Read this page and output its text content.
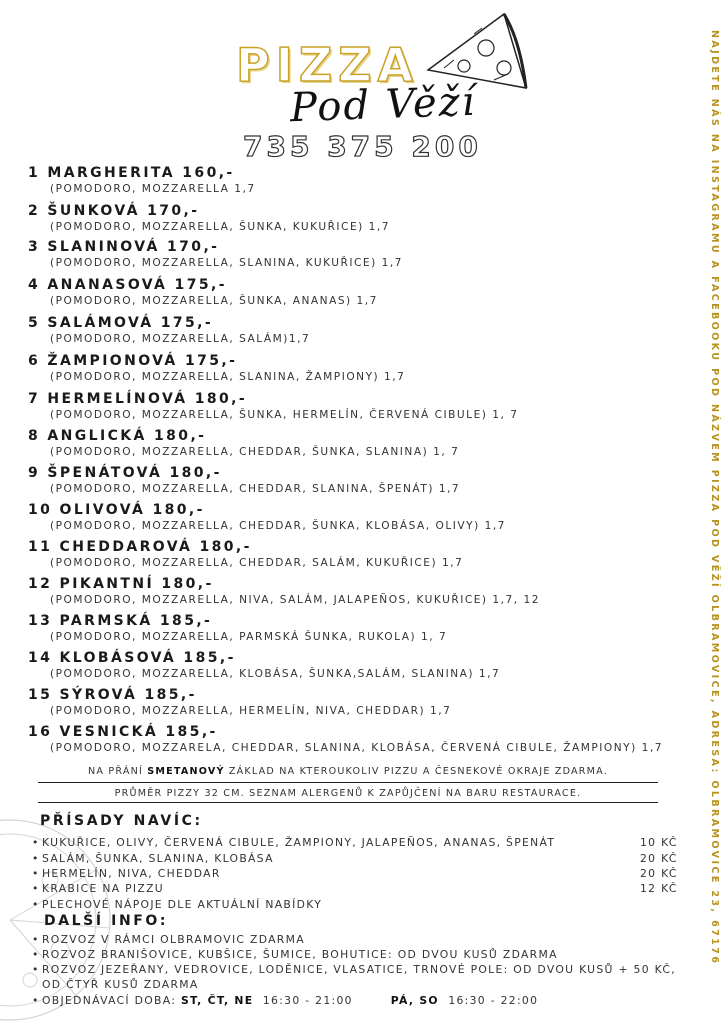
PIZZA
Pod Věží
735 375 200	NAJDETE NÁS NA INSTAGRAMU A FACEBOOKU POD NÁZVEM PIZZA POD VĚŽÍ OLBRAMOVICE, ADRESA: OLBRAMOVICE 23, 67176
1 MARGHERITA 160,-
(POMODORO, MOZZARELLA 1,7
2 ŠUNKOVÁ 170,-
(POMODORO, MOZZARELLA, ŠUNKA, KUKUŘICE) 1,7
3 SLANINOVÁ 170,-
(POMODORO, MOZZARELLA, SLANINA, KUKUŘICE) 1,7
4 ANANASOVÁ 175,-
(POMODORO, MOZZARELLA, ŠUNKA, ANANAS) 1,7
5 SALÁMOVÁ 175,-
(POMODORO, MOZZARELLA, SALÁM)1,7
6 ŽAMPIONOVÁ 175,-
(POMODORO, MOZZARELLA, SLANINA, ŽAMPIONY) 1,7
7 HERMELÍNOVÁ 180,-
(POMODORO, MOZZARELLA, ŠUNKA, HERMELÍN, ČERVENÁ CIBULE) 1, 7
8 ANGLICKÁ 180,-
(POMODORO, MOZZARELLA, CHEDDAR, ŠUNKA, SLANINA) 1, 7
9 ŠPENÁTOVÁ 180,-
(POMODORO, MOZZARELLA, CHEDDAR, SLANINA, ŠPENÁT) 1,7
10 OLIVOVÁ 180,-
(POMODORO, MOZZARELLA, CHEDDAR, ŠUNKA, KLOBÁSA, OLIVY) 1,7
11 CHEDDAROVÁ 180,-
(POMODORO, MOZZARELLA, CHEDDAR, SALÁM, KUKUŘICE) 1,7
12 PIKANTNÍ 180,-
(POMODORO, MOZZARELLA, NIVA, SALÁM, JALAPEÑOS, KUKUŘICE) 1,7, 12
13 PARMSKÁ 185,-
(POMODORO, MOZZARELLA, PARMSKÁ ŠUNKA, RUKOLA) 1, 7
14 KLOBÁSOVÁ 185,-
(POMODORO, MOZZARELLA, KLOBÁSA, ŠUNKA,SALÁM, SLANINA) 1,7
15 SÝROVÁ 185,-
(POMODORO, MOZZARELLA, HERMELÍN, NIVA, CHEDDAR) 1,7
16 VESNICKÁ 185,-
(POMODORO, MOZZARELA, CHEDDAR, SLANINA, KLOBÁSA, ČERVENÁ CIBULE, ŽAMPIONY) 1,7
NA PŘÁNÍ SMETANOVÝ ZÁKLAD NA KTEROUKOLIV PIZZU A ČESNEKOVÉ OKRAJE ZDARMA.
PRŮMĚR PIZZY 32 CM. SEZNAM ALERGENŮ K ZAPŮJČENÍ NA BARU RESTAURACE.
PŘÍSADY NAVÍC:
• KUKUŘICE, OLIVY, ČERVENÁ CIBULE, ŽAMPIONY, JALAPEÑOS, ANANAS, ŠPENÁT	10 KČ
• SALÁM, ŠUNKA, SLANINA, KLOBÁSA	20 KČ
• HERMELÍN, NIVA, CHEDDAR	20 KČ
• KRABICE NA PIZZU	12 KČ
• PLECHOVÉ NÁPOJE DLE AKTUÁLNÍ NABÍDKY
DALŠÍ INFO:
• ROZVOZ V RÁMCI OLBRAMOVIC ZDARMA
• ROZVOZ BRANIŠOVICE, KUBŠICE, ŠUMICE, BOHUTICE: OD DVOU KUSŮ ZDARMA
• ROZVOZ JEZEŘANY, VEDROVICE, LODĚNICE, VLASATICE, TRNOVÉ POLE: OD DVOU KUSŮ + 50 KČ,
OD ČTYŘ KUSŮ ZDARMA
• OBJEDNÁVACÍ DOBA: ST, ČT, NE 16:30 - 21:00	PÁ, SO 16:30 - 22:00
